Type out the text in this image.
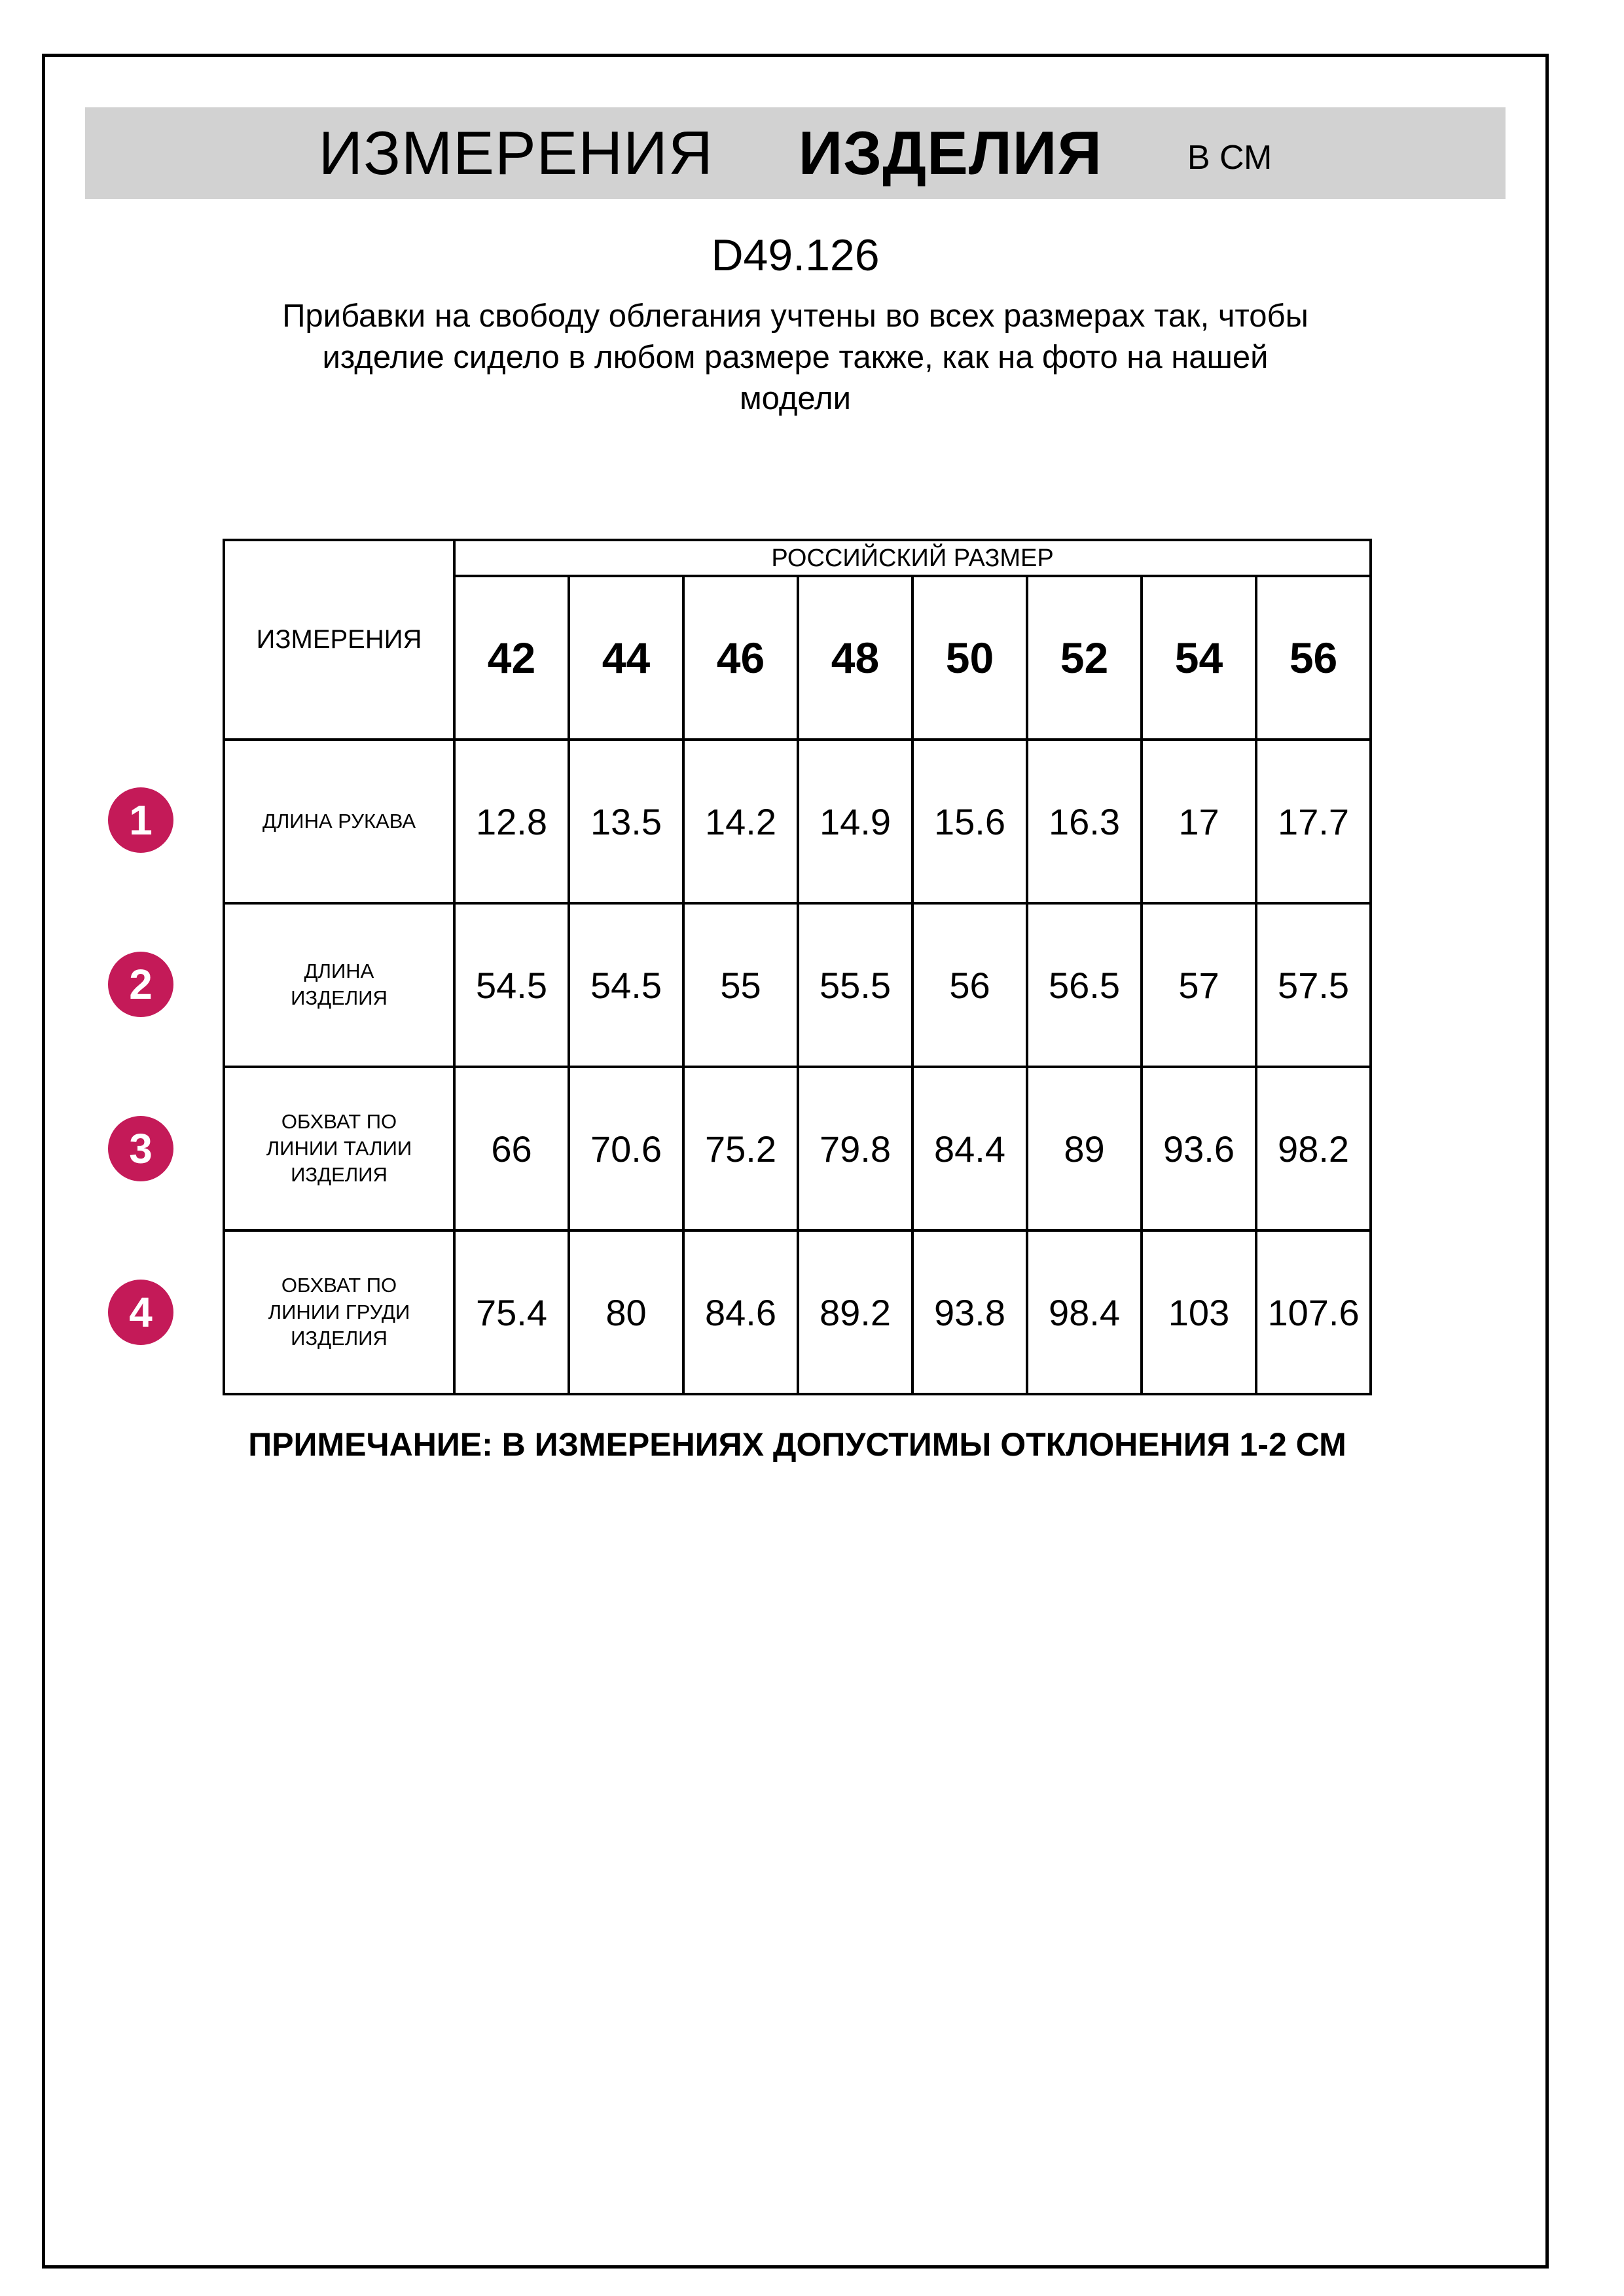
ИЗМЕРЕНИЯ ИЗДЕЛИЯ	В СМ
D49.126
Прибавки на свободу облегания учтены во всех размерах так, чтобы
изделие сидело в любом размере также, как на фото на нашей
модели
ИЗМЕРЕНИЯ	РОССИЙСКИЙ РАЗМЕР							
	42	44	46	48	50	52	54	56

ДЛИНА РУКАВА	12.8	13.5	14.2	14.9	15.6	16.3	17	17.7

ДЛИНА ИЗДЕЛИЯ	54.5	54.5	55	55.5	56	56.5	57	57.5

ОБХВАТ ПО ЛИНИИ ТАЛИИ ИЗДЕЛИЯ	66	70.6	75.2	79.8	84.4	89	93.6	98.2

ОБХВАТ ПО ЛИНИИ ГРУДИ ИЗДЕЛИЯ	75.4	80	84.6	89.2	93.8	98.4	103	107.6
1
2
3
4
ПРИМЕЧАНИЕ: В ИЗМЕРЕНИЯХ ДОПУСТИМЫ ОТКЛОНЕНИЯ 1-2 СМ
